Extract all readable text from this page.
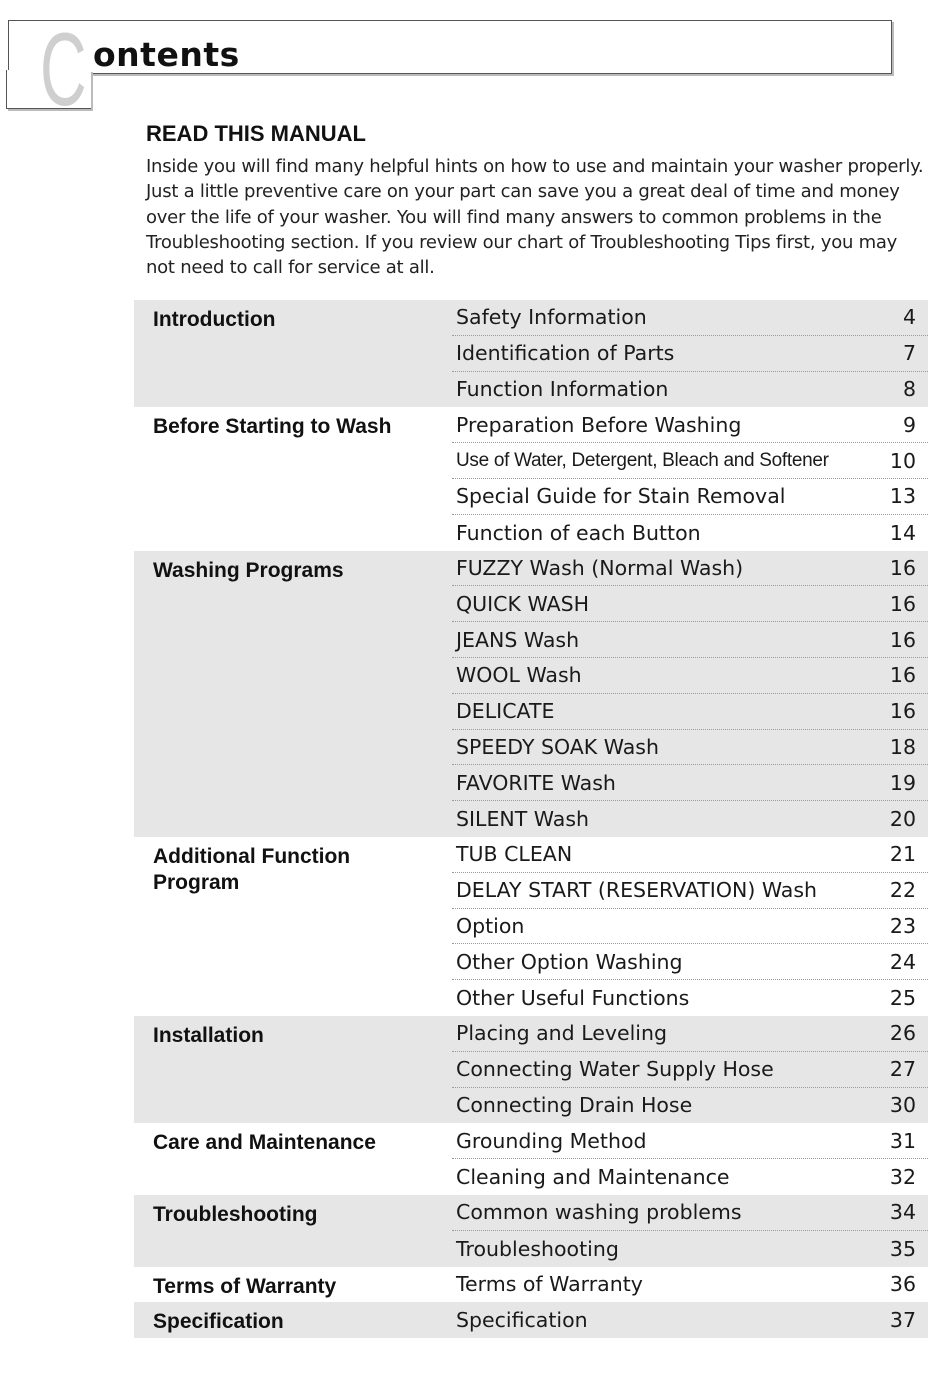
C ontents
READ THIS MANUAL
Inside you will find many helpful hints on how to use and maintain your washer properly. Just a little preventive care on your part can save you a great deal of time and money over the life of your washer. You will find many answers to common problems in the Troubleshooting section. If you review our chart of Troubleshooting Tips first, you may not need to call for service at all.
Introduction	Safety Information	4
Identification of Parts	7
Function Information	8
Before Starting to Wash	Preparation Before Washing	9
Use of Water, Detergent, Bleach and Softener	10
Special Guide for Stain Removal	13
Function of each Button	14
Washing Programs	FUZZY Wash (Normal Wash)	16
QUICK WASH	16
JEANS Wash	16
WOOL Wash	16
DELICATE	16
SPEEDY SOAK Wash	18
FAVORITE Wash	19
SILENT Wash	20
Additional Function Program
TUB CLEAN	21
DELAY START (RESERVATION) Wash	22
Option	23
Other Option Washing	24
Other Useful Functions	25
Installation	Placing and Leveling	26
Connecting Water Supply Hose	27
Connecting Drain Hose	30
Care and Maintenance	Grounding Method	31
Cleaning and Maintenance	32
Troubleshooting	Common washing problems	34
Troubleshooting	35
Terms of Warranty	Terms of Warranty	36
Specification	Specification	37
